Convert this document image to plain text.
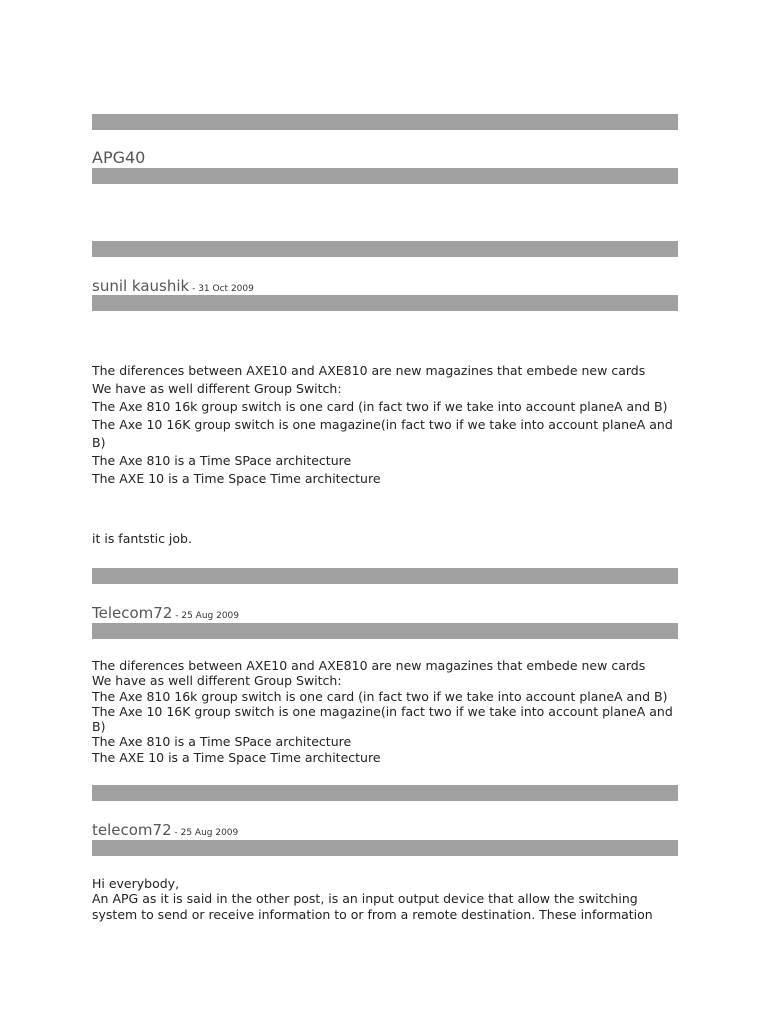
APG40
sunil kaushik - 31 Oct 2009
The diferences between AXE10 and AXE810 are new magazines that embede new cards
We have as well different Group Switch:
The Axe 810 16k group switch is one card (in fact two if we take into account planeA and B)
The Axe 10 16K group switch is one magazine(in fact two if we take into account planeA and B)
The Axe 810 is a Time SPace architecture
The AXE 10 is a Time Space Time architecture
it is fantstic job.
Telecom72 - 25 Aug 2009
The diferences between AXE10 and AXE810 are new magazines that embede new cards
We have as well different Group Switch:
The Axe 810 16k group switch is one card (in fact two if we take into account planeA and B)
The Axe 10 16K group switch is one magazine(in fact two if we take into account planeA and B)
The Axe 810 is a Time SPace architecture
The AXE 10 is a Time Space Time architecture
telecom72 - 25 Aug 2009
Hi everybody,
An APG as it is said in the other post, is an input output device that allow the switching
system to send or receive information to or from a remote destination. These information
